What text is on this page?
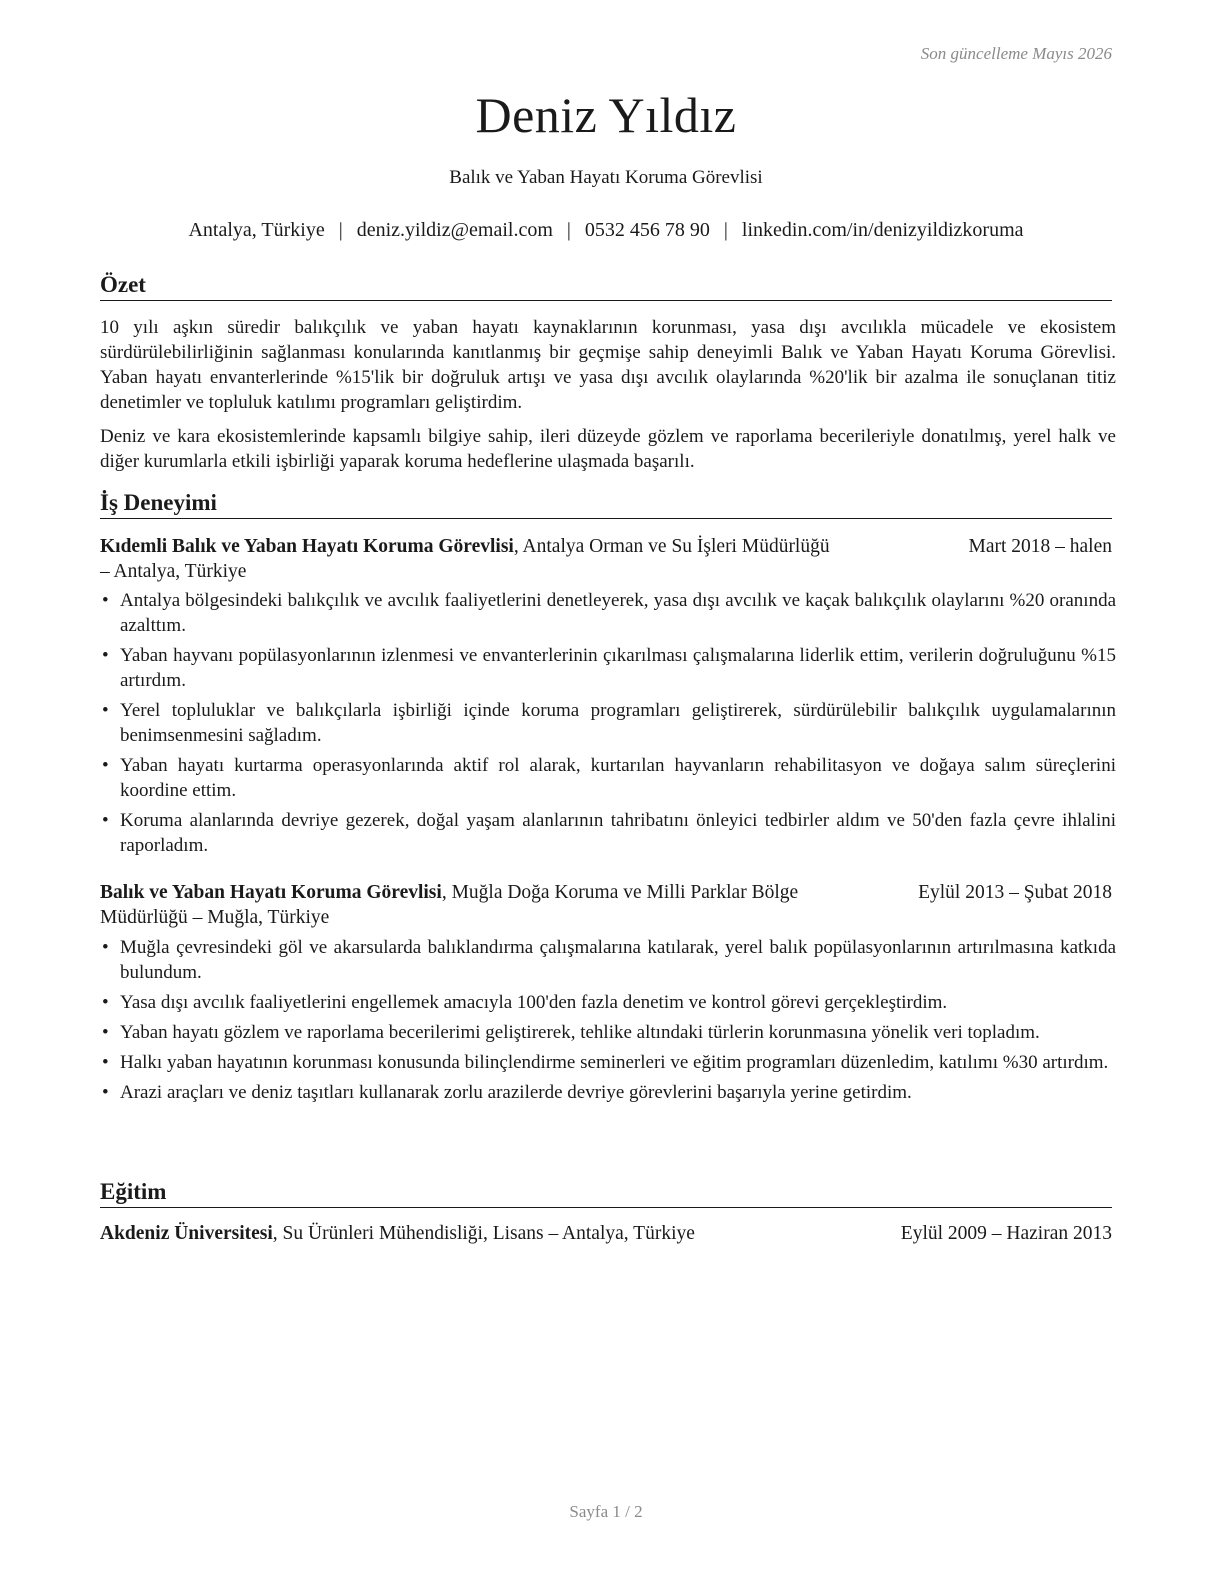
Son güncelleme Mayıs 2026
Deniz Yıldız
Balık ve Yaban Hayatı Koruma Görevlisi
Antalya, Türkiye | deniz.yildiz@email.com | 0532 456 78 90 | linkedin.com/in/denizyildizkoruma
Özet
10 yılı aşkın süredir balıkçılık ve yaban hayatı kaynaklarının korunması, yasa dışı avcılıkla mücadele ve ekosistem sürdürülebilirliğinin sağlanması konularında kanıtlanmış bir geçmişe sahip deneyimli Balık ve Yaban Hayatı Koruma Görevlisi. Yaban hayatı envanterlerinde %15'lik bir doğruluk artışı ve yasa dışı avcılık olaylarında %20'lik bir azalma ile sonuçlanan titiz denetimler ve topluluk katılımı programları geliştirdim.
Deniz ve kara ekosistemlerinde kapsamlı bilgiye sahip, ileri düzeyde gözlem ve raporlama becerileriyle donatılmış, yerel halk ve diğer kurumlarla etkili işbirliği yaparak koruma hedeflerine ulaşmada başarılı.
İş Deneyimi
Kıdemli Balık ve Yaban Hayatı Koruma Görevlisi, Antalya Orman ve Su İşleri Müdürlüğü	Mart 2018 – halen
– Antalya, Türkiye
• Antalya bölgesindeki balıkçılık ve avcılık faaliyetlerini denetleyerek, yasa dışı avcılık ve kaçak balıkçılık olaylarını %20 oranında azalttım.
• Yaban hayvanı popülasyonlarının izlenmesi ve envanterlerinin çıkarılması çalışmalarına liderlik ettim, verilerin doğruluğunu %15 artırdım.
• Yerel topluluklar ve balıkçılarla işbirliği içinde koruma programları geliştirerek, sürdürülebilir balıkçılık uygulamalarının benimsenmesini sağladım.
• Yaban hayatı kurtarma operasyonlarında aktif rol alarak, kurtarılan hayvanların rehabilitasyon ve doğaya salım süreçlerini koordine ettim.
• Koruma alanlarında devriye gezerek, doğal yaşam alanlarının tahribatını önleyici tedbirler aldım ve 50'den fazla çevre ihlalini raporladım.
Balık ve Yaban Hayatı Koruma Görevlisi, Muğla Doğa Koruma ve Milli Parklar Bölge	Eylül 2013 – Şubat 2018
Müdürlüğü – Muğla, Türkiye
• Muğla çevresindeki göl ve akarsularda balıklandırma çalışmalarına katılarak, yerel balık popülasyonlarının artırılmasına katkıda bulundum.
• Yasa dışı avcılık faaliyetlerini engellemek amacıyla 100'den fazla denetim ve kontrol görevi gerçekleştirdim.
• Yaban hayatı gözlem ve raporlama becerilerimi geliştirerek, tehlike altındaki türlerin korunmasına yönelik veri topladım.
• Halkı yaban hayatının korunması konusunda bilinçlendirme seminerleri ve eğitim programları düzenledim, katılımı %30 artırdım.
• Arazi araçları ve deniz taşıtları kullanarak zorlu arazilerde devriye görevlerini başarıyla yerine getirdim.
Eğitim
Akdeniz Üniversitesi, Su Ürünleri Mühendisliği, Lisans – Antalya, Türkiye	Eylül 2009 – Haziran 2013
Sayfa 1 / 2
